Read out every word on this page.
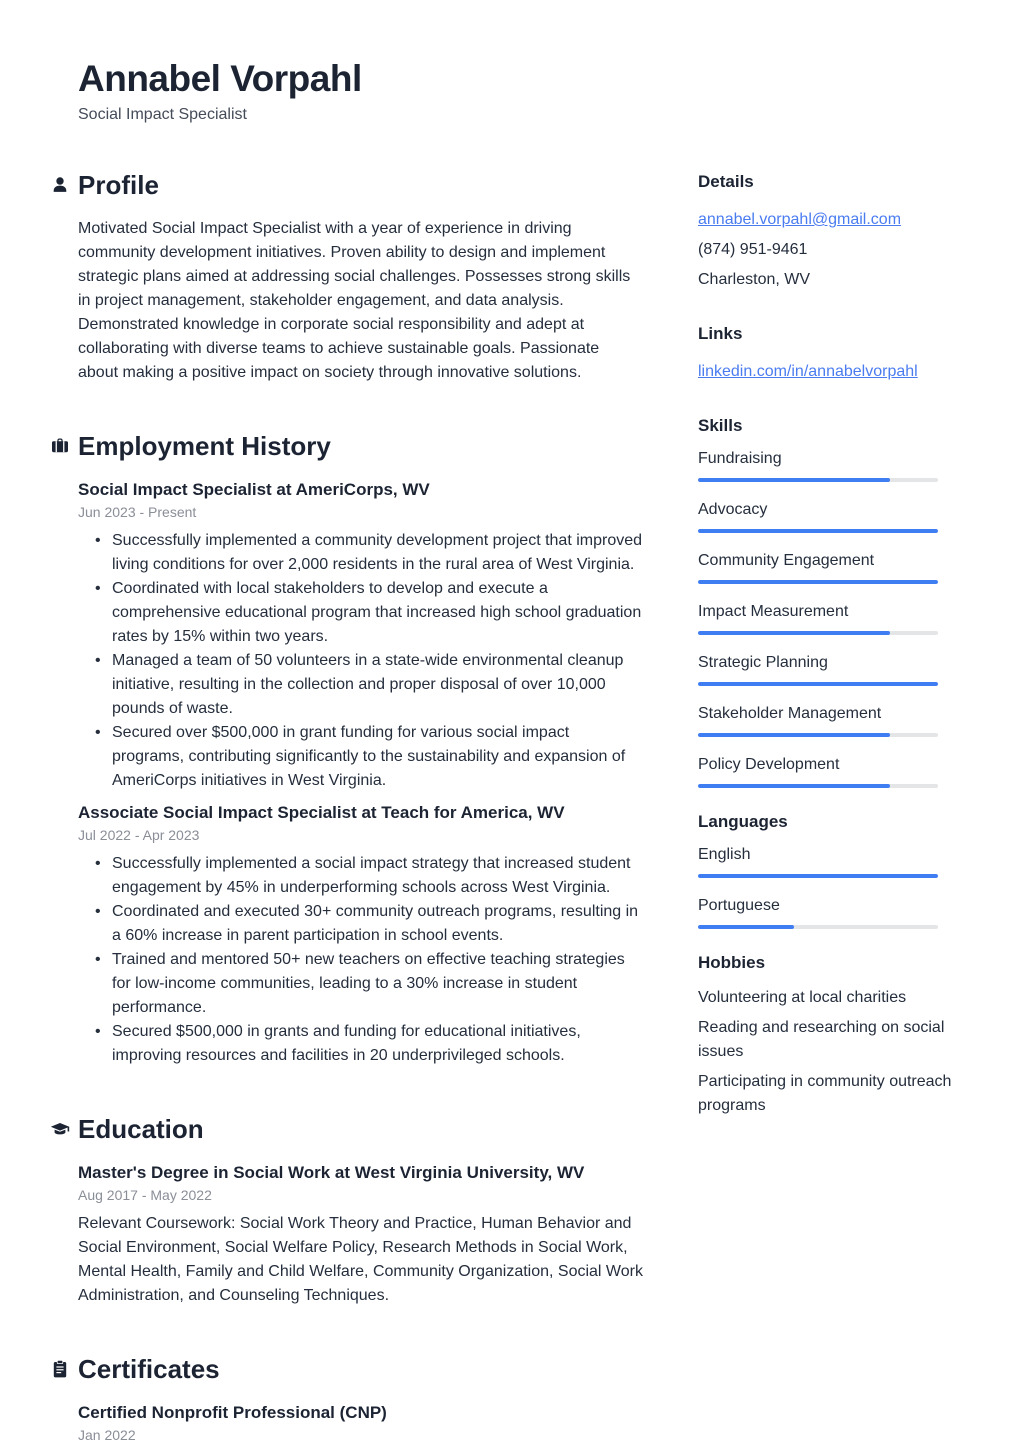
Annabel Vorpahl
Social Impact Specialist
Profile

Motivated Social Impact Specialist with a year of experience in driving community development initiatives. Proven ability to design and implement strategic plans aimed at addressing social challenges. Possesses strong skills in project management, stakeholder engagement, and data analysis. Demonstrated knowledge in corporate social responsibility and adept at collaborating with diverse teams to achieve sustainable goals. Passionate about making a positive impact on society through innovative solutions.

Employment History
Social Impact Specialist at AmeriCorps, WV
Jun 2023 - Present
• Successfully implemented a community development project that improved living conditions for over 2,000 residents in the rural area of West Virginia.
• Coordinated with local stakeholders to develop and execute a comprehensive educational program that increased high school graduation rates by 15% within two years.
• Managed a team of 50 volunteers in a state-wide environmental cleanup initiative, resulting in the collection and proper disposal of over 10,000 pounds of waste.
• Secured over $500,000 in grant funding for various social impact programs, contributing significantly to the sustainability and expansion of AmeriCorps initiatives in West Virginia.
Associate Social Impact Specialist at Teach for America, WV
Jul 2022 - Apr 2023
• Successfully implemented a social impact strategy that increased student engagement by 45% in underperforming schools across West Virginia.
• Coordinated and executed 30+ community outreach programs, resulting in a 60% increase in parent participation in school events.
• Trained and mentored 50+ new teachers on effective teaching strategies for low-income communities, leading to a 30% increase in student performance.
• Secured $500,000 in grants and funding for educational initiatives, improving resources and facilities in 20 underprivileged schools.
Education
Master's Degree in Social Work at West Virginia University, WV
Aug 2017 - May 2022

Relevant Coursework: Social Work Theory and Practice, Human Behavior and Social Environment, Social Welfare Policy, Research Methods in Social Work, Mental Health, Family and Child Welfare, Community Organization, Social Work Administration, and Counseling Techniques.

Certificates
Certified Nonprofit Professional (CNP)
Jan 2022
Details
annabel.vorpahl@gmail.com
(874) 951-9461
Charleston, WV
Links
linkedin.com/in/annabelvorpahl
Skills
Fundraising
Advocacy
Community Engagement
Impact Measurement
Strategic Planning
Stakeholder Management
Policy Development
Languages
English
Portuguese
Hobbies
Volunteering at local charities
Reading and researching on social issues
Participating in community outreach programs
